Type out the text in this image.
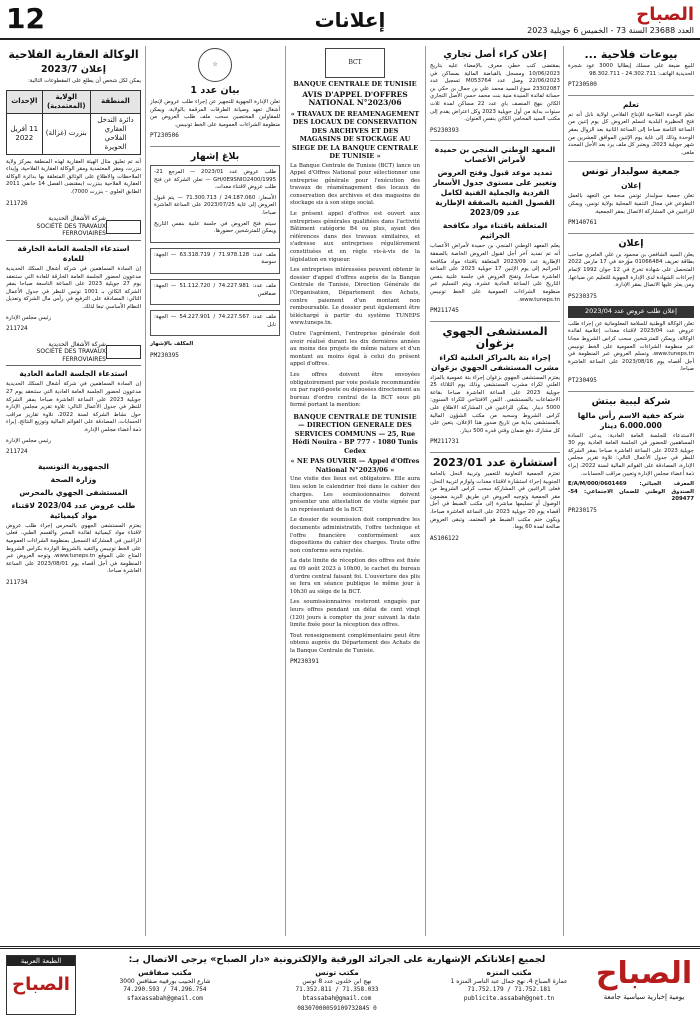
12	إعلانات	الصباح
العدد 23688 السنة 73 - الخميس 6 جويلية 2023
بيوعات فلاحية ...

للبيع ضيعة على مسلك إيطاليا 3000 عود شجرة الحديدية الهاتف: 24.302.711 - 98.302.711

PT230500
تعلم

تعلم الوحدة الفلاحية للإنتاج الفلاحي لولاية نابل أنه تم فتح الحظيرة البلدية لتسلم العروض كل يوم إثنين من الساعة الثامنة صباحا إلى الساعة الثانية بعد الزوال بمقر الوحدة وذلك إلى غاية يوم الإثنين الموافق للعشرين من شهر جويلية 2023، ويعتبر كل ملف يرد بعد الأجل المحدد ملغى.

جمعية سولبدار تونس
إعلان

تعلن جمعية سولبدار تونس منحة من التعهد بالعمل التطوعي في مجال التنمية المحلية بولاية تونس، ويمكن للراغبين في المشاركة الاتصال بمقر الجمعية.

PM140761
إعلان

يعلن السيد الشافعي بن محمود بن علي العامري صاحب بطاقة تعريف 01066484 مؤرخة في 17 مارس 2022 المتحصل على شهادة تخرج في 12 جوان 1992 لإتمام إجراءات الشهادة لدى الإدارة الجهوية للتعليم عن ضياعها، ومن يعثر عليها الاتصال بمقر الإدارة.

PS230375
إعلان طلب عروض عدد 2023/04

تعلن الوكالة الوطنية للسلامة المعلوماتية عن إجراء طلب عروض عدد 2023/04 لاقتناء معدات إعلامية لفائدة الوكالة، ويمكن للمترشحين سحب كراس الشروط مجانا عبر منظومة الشراءات العمومية على الخط تونيبس www.tuneps.tn، وتسلم العروض عبر المنظومة في أجل أقصاه يوم 2023/08/16 على الساعة العاشرة صباحا.

PT230495
شركة ليبية بيتش
شركة خفية الاسم رأس مالها 6.000.000 دينار

الاستدعاء للجلسة العامة العادية: يدعى السادة المساهمين للحضور في الجلسة العامة العادية يوم 30 جويلية 2023 على الساعة العاشرة صباحا بمقر الشركة للنظر في جدول الأعمال التالي: تلاوة تقرير مجلس الإدارة، المصادقة على القوائم المالية لسنة 2022، إبراء ذمة أعضاء مجلس الإدارة وتعيين مراقب الحسابات.

المعرف الجبائي: 0601469/E/A/M/000 الصندوق الوطني للضمان الاجتماعي: 54-209477

PR230175
إعلان كراء أصل تجاري

بمقتضى كتب خطي معرف بالإمضاء عليه بتاريخ 10/06/2023 ومسجل بالقباضة المالية بمساكن في 22/06/2023 وصل عدد M053764 تسجيل عدد 23302087 سوغ السيد محمد علي بن جمال بن حكي بن حسانة لفائدة السيدة منية بنت محمد حسن الأصل التجاري الكائن بنهج المنصف باي عدد 22 مساكن لمدة ثلاث سنوات بداية من أول جويلية 2023 وكل اعتراض يقدم إلى مكتب السيد المحامي الكائن بنفس العنوان.

PS230393
المعهد الوطني المنجي بن حميدة لأمراض الأعصاب
تمديد موعد قبول وفتح العروض وتغيير على مستوى جدول الأسعار الفردية والجملية الفنية لكامل القصول الفنية بالصفقة الإطارية عدد 2023/09
المتعلقة باقتناء مواد مكافحة الجراثيم

يعلم المعهد الوطني المنجي بن حميدة لأمراض الأعصاب أنه تم تمديد آخر أجل لقبول العروض الخاصة بالصفقة الإطارية عدد 2023/09 المتعلقة باقتناء مواد مكافحة الجراثيم إلى يوم الإثنين 17 جويلية 2023 على الساعة العاشرة صباحا، وتفتح العروض في جلسة علنية بنفس التاريخ على الساعة الحادية عشرة، ويتم التسليم عبر منظومة الشراءات العمومية على الخط تونيبس www.tuneps.tn.

PM211745
المستشفى الجهوي بزغوان
إجراء بتة بالمراكز العلنية لكراء مشرب المستشفى الجهوي بزغوان

يعتزم المستشفى الجهوي بزغوان إجراء بتة عمومية بالمزاد العلني لكراء مشرب المستشفى وذلك يوم الثلاثاء 25 جويلية 2023 على الساعة العاشرة صباحا بقاعة الاجتماعات بالمستشفى. الثمن الافتتاحي للكراء السنوي: 5000 دينار. يمكن للراغبين في المشاركة الاطلاع على كراس الشروط وسحبه من مكتب الشؤون المالية بالمستشفى بداية من تاريخ صدور هذا الإعلان. يتعين على كل مشارك دفع ضمان وقتي قدره 500 دينار.

PM211731
استشارة عدد 2023/01

تعتزم الجمعية التعاونية للتعمير وتربية النحل بالحامة الجنوبية إجراء استشارة لاقتناء معدات ولوازم لتربية النحل، فعلى الراغبين في المشاركة سحب كراس الشروط من مقر الجمعية وتوجيه العروض عن طريق البريد مضمون الوصول أو تسليمها مباشرة إلى مكتب الضبط في أجل أقصاه يوم 20 جويلية 2023 على الساعة العاشرة صباحا، ويكون ختم مكتب الضبط هو المعتمد، وتبقى العروض صالحة لمدة 60 يوما.

AS106122
BCT
BANQUE CENTRALE DE TUNISIE
AVIS D'APPEL D'OFFRES NATIONAL N°2023/06
« TRAVAUX DE REAMENAGEMENT DES LOCAUX DE CONSERVATION DES ARCHIVES ET DES MAGASINS DE STOCKAGE AU SIEGE DE LA BANQUE CENTRALE DE TUNISIE »

La Banque Centrale de Tunisie (BCT) lance un Appel d'Offres National pour sélectionner une entreprise générale pour l'exécution des travaux de réaménagement des locaux de conservation des archives et des magasins de stockage sis à son siège social.

Le présent appel d'offres est ouvert aux entreprises générales qualifiées dans l'activité Bâtiment catégorie B4 ou plus, ayant des références dans des travaux similaires, et s'adresse aux entreprises régulièrement constituées et en règle vis-à-vis de la législation en vigueur.

Les entreprises intéressées peuvent obtenir le dossier d'appel d'offres auprès de la Banque Centrale de Tunisie, Direction Générale de l'Organisation, Département des Achats, contre paiement d'un montant non remboursable. Le dossier peut également être téléchargé à partir du système TUNEPS www.tuneps.tn.

Outre l'agrément, l'entreprise générale doit avoir réalisé durant les dix dernières années au moins des projets de même nature et d'un montant au moins égal à celui du présent appel d'offres.

Les offres doivent être envoyées obligatoirement par voie postale recommandée ou par rapid-poste ou déposées directement au bureau d'ordre central de la BCT sous pli fermé portant la mention:

BANQUE CENTRALE DE TUNISIE — DIRECTION GENERALE DES SERVICES COMMUNS — 25, Rue Hédi Nouira - BP 777 - 1080 Tunis Cedex
« NE PAS OUVRIR — Appel d'Offres National N°2023/06 »

Une visite des lieux est obligatoire. Elle aura lieu selon le calendrier fixé dans le cahier des charges. Les soumissionnaires doivent présenter une attestation de visite signée par un représentant de la BCT.

Le dossier de soumission doit comprendre les documents administratifs, l'offre technique et l'offre financière conformément aux dispositions du cahier des charges. Toute offre non conforme sera rejetée.

La date limite de réception des offres est fixée au 09 août 2023 à 10h00, le cachet du bureau d'ordre central faisant foi. L'ouverture des plis se fera en séance publique le même jour à 10h30 au siège de la BCT.

Les soumissionnaires resteront engagés par leurs offres pendant un délai de cent vingt (120) jours à compter du jour suivant la date limite fixée pour la réception des offres.

Tout renseignement complémentaire peut être obtenu auprès du Département des Achats de la Banque Centrale de Tunisie.

PM230391
☆
بيان عدد 1

تعلن الإدارة الجهوية للتجهيز عن إجراء طلب عروض لإنجاز أشغال تعهد وصيانة الطرقات المرقمة بالولاية، ويمكن للمقاولين المختصين سحب ملف طلب العروض من منظومة الشراءات العمومية على الخط تونيبس.

PT230506
بلاغ إشهار

طلب عروض عدد 2023/01 — المرجع 21-1995/GH/0E9SNIO2400 — تعلن الشركة عن فتح طلب عروض لاقتناء معدات.

الأسعار: 24.187.060 / 71.300.713 — يتم قبول العروض إلى غاية 2023/07/25 على الساعة العاشرة صباحا.

سيتم فتح العروض في جلسة علنية بنفس التاريخ ويمكن للمترشحين حضورها.

ملف عدد: 71.978.128 / 63.318.719 — الجهة: سوسة

ملف عدد: 74.227.981 / 51.112.720 — الجهة: صفاقس

ملف عدد: 74.227.567 / 54.227.901 — الجهة: نابل

المكلف بالإشهار

PM230395
الوكالة العقارية الفلاحية
إعلان 2023/7

يمكن لكل شخص أن يطلع على المقطوعات التالية:

المنطقة	الولاية (المعتمدية)	الإحداث
دائرة التدخل العقاري الفلاحي الحويرة	بنزرت (غزالة)	11 أفريل 2022

أنه تم تعليق مثال الهيئة العقارية لهذه المنطقة بمركز ولاية بنزرت، ومقر المعتمدية ومقر الوكالة العقارية الفلاحية، وإبداء الملاحظات والاطلاع على الوثائق المتعلقة بها بدائرة الوكالة العقارية الفلاحية ببنزرت (بمقتضى الفصل 14 جانفي 2011 الطابق العلوي – بنزرت 7000).

211726
شركة الأشغال الحديدية
SOCIÉTÉ DES TRAVAUX FERROVIAIRES
استدعاء الجلسة العامة الخارقة للعادة

إن السادة المساهمين في شركة أشغال السكك الحديدية مدعوون لحضور الجلسة العامة الخارقة للعادة التي ستنعقد يوم 27 جويلية 2023 على الساعة التاسعة صباحا بمقر الشركة الكائن بـ 1001 تونس للنظر في جدول الأعمال التالي: المصادقة على الترفيع في رأس مال الشركة وتعديل النظام الأساسي تبعا لذلك.

رئيس مجلس الإدارة

211724
شركة الأشغال الحديدية
SOCIÉTÉ DES TRAVAUX FERROVIAIRES
استدعاء الجلسة العامة العادية

إن السادة المساهمين في شركة أشغال السكك الحديدية مدعوون لحضور الجلسة العامة العادية التي ستنعقد يوم 27 جويلية 2023 على الساعة العاشرة صباحا بمقر الشركة للنظر في جدول الأعمال التالي: تلاوة تقرير مجلس الإدارة حول نشاط الشركة لسنة 2022، تلاوة تقارير مراقب الحسابات، المصادقة على القوائم المالية وتوزيع النتائج، إبراء ذمة أعضاء مجلس الإدارة.

رئيس مجلس الإدارة

211724
الجمهورية التونسية
وزارة الصحة
المستشفى الجهوي بالمحرس
طلب عروض عدد 2023/04 لاقتناء مواد كيميائية

يعتزم المستشفى الجهوي بالمحرس إجراء طلب عروض لاقتناء مواد كيميائية لفائدة المخبر والقسم الطبي، فعلى الراغبين في المشاركة التسجيل بمنظومة الشراءات العمومية على الخط تونيبس والتقيد بالشروط الواردة بكراس الشروط المتاح على الموقع www.tuneps.tn، وتوجه العروض عبر المنظومة في أجل أقصاه يوم 2023/08/01 على الساعة العاشرة صباحا.

211734
الصباح
يومية إخبارية سياسية جامعة
لجميع إعلاناتكم الإشهارية على الجرائد الورقية والإلكترونية «دار الصباح» يرجى الاتصال بـ:
مكتب المنزه
عمارة الصباح 4، نهج جمال عبد الناصر المنزه 1
71.752.179 / 71.752.181
publicite.assabah@gnet.tn
مكتب تونس
نهج ابن خلدون عدد 8 تونس
71.352.811 / 71.358.033
btassabah@gmail.com
مكتب صفاقس
شارع الحبيب بورقيبة صفاقس 3000
74.290.593 / 74.296.754
sfaxassabah@gmail.com
08307000059109732845 0
الطبعة العربية
الصباح
